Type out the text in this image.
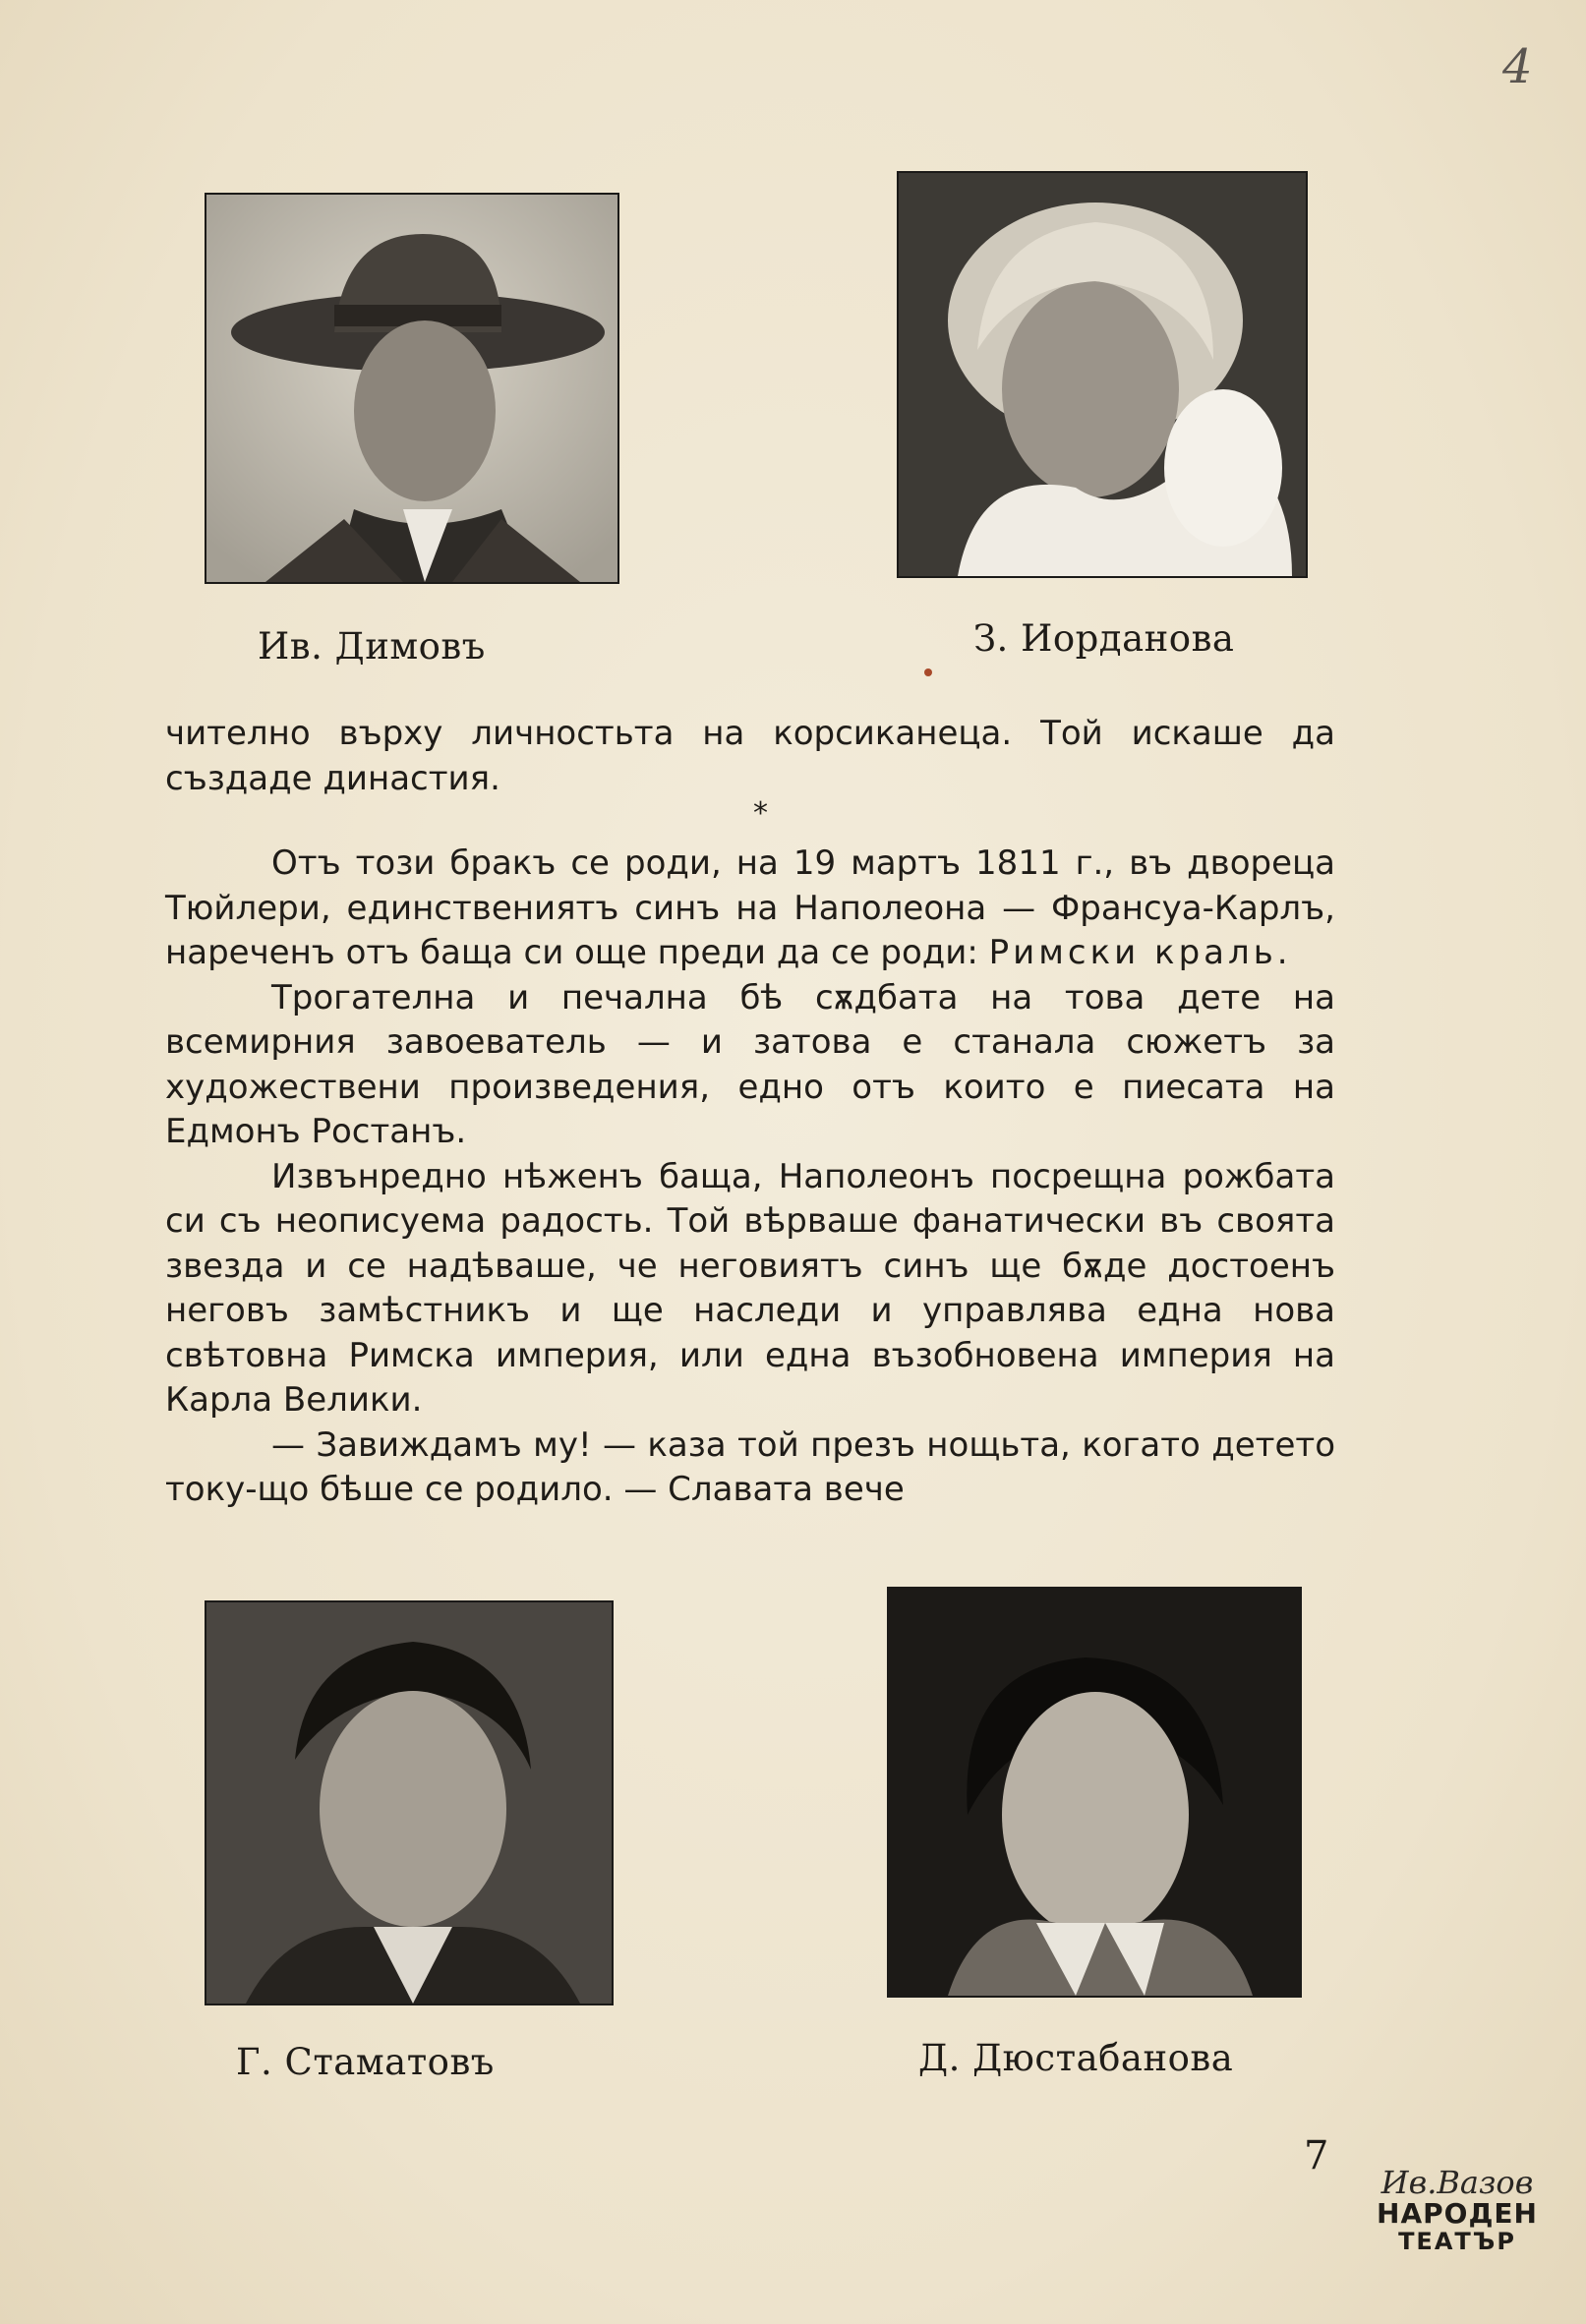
4
Ив. Димовъ	З. Иорданова

чително върху личностьта на корсиканеца. Той искаше да създаде династия.

*

Отъ този бракъ се роди, на 19 мартъ 1811 г., въ двореца Тюйлери, единствениятъ синъ на Наполеона — Франсуа-Карлъ, нареченъ отъ баща си още преди да се роди: Римски краль.

Трогателна и печална бѣ сѫдбата на това дете на всемирния завоеватель — и затова е станала сюжетъ за художествени произведения, едно отъ които е пиесата на Едмонъ Ростанъ.

Извънредно нѣженъ баща, Наполеонъ посрещна рожбата си съ неописуема радость. Той вѣрваше фанатически въ своята звезда и се надѣваше, че неговиятъ синъ ще бѫде достоенъ неговъ замѣстникъ и ще наследи и управлява една нова свѣтовна Римска империя, или една възобновена империя на Карла Велики.

— Завиждамъ му! — каза той презъ нощьта, когато детето току-що бѣше се родило. — Славата вече

Г. Стаматовъ	Д. Дюстабанова
7
Ив.Вазов
НАРОДЕН
ТЕАТЪР
